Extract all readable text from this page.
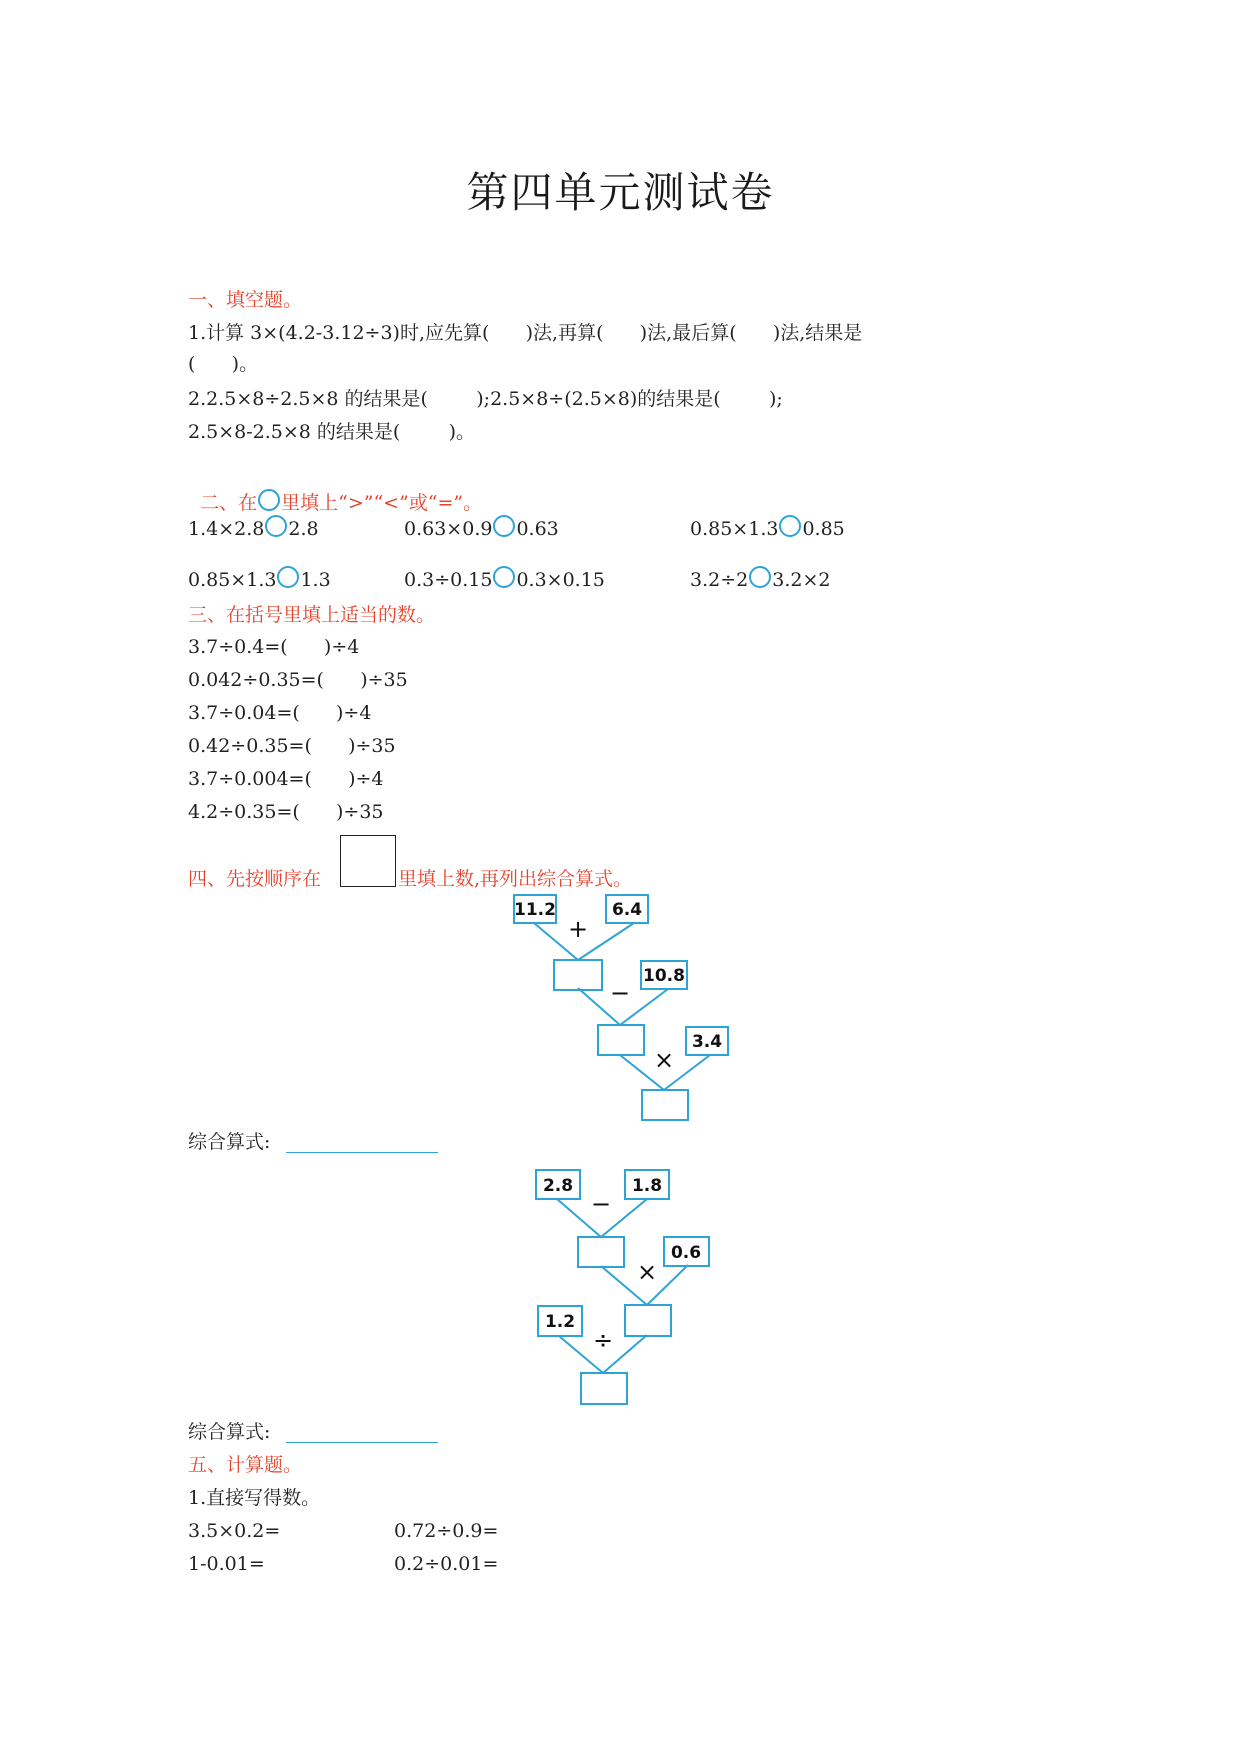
第四单元测试卷
一、填空题。
1.计算 3×(4.2-3.12÷3)时,应先算(      )法,再算(      )法,最后算(      )法,结果是
(      )。
2.2.5×8÷2.5×8 的结果是(        );2.5×8÷(2.5×8)的结果是(        );
2.5×8-2.5×8 的结果是(        )。

二、在 里填上“>”“<”或“=”。

1.4×2.8 2.8	0.63×0.9 0.63	0.85×1.3 0.85
0.85×1.3 1.3	0.3÷0.15 0.3×0.15	3.2÷2 3.2×2
三、在括号里填上适当的数。
3.7÷0.4=(      )÷4
0.042÷0.35=(      )÷35
3.7÷0.04=(      )÷4
0.42÷0.35=(      )÷35
3.7÷0.004=(      )÷4
4.2÷0.35=(      )÷35
四、先按顺序在	里填上数,再列出综合算式。
11.2	6.4
10.8
3.4
2.8	1.8
0.6
1.2
+
−
×
−
×
÷
综合算式:
综合算式:
五、计算题。
1.直接写得数。
3.5×0.2=	0.72÷0.9=
1-0.01=	0.2÷0.01=
